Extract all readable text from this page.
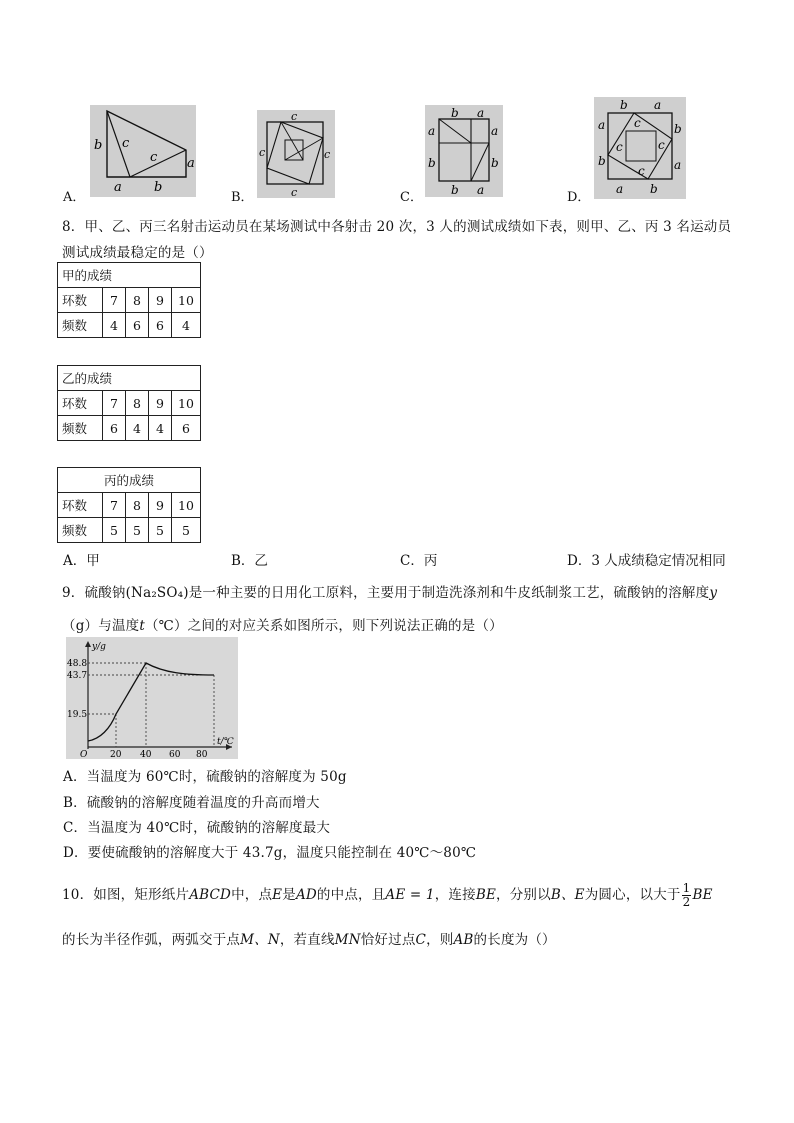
b c
c
a b
a
A．
c
c	c
c
B．
b a
a
b
a
b
b a
C．
b a
a
b
b
a
a b
c
c
c
c
D．
8．甲、乙、丙三名射击运动员在某场测试中各射击 20 次，3 人的测试成绩如下表，则甲、乙、丙 3 名运动员
测试成绩最稳定的是（）
甲的成绩				
环数	7	8	9	10
频数	4	6	6	4
乙的成绩				
环数	7	8	9	10
频数	6	4	4	6
丙的成绩				
环数	7	8	9	10
频数	5	5	5	5
A．甲	B．乙	C．丙	D．3 人成绩稳定情况相同
9．硫酸钠(Na₂SO₄)是一种主要的日用化工原料，主要用于制造洗涤剂和牛皮纸制浆工艺，硫酸钠的溶解度y
（g）与温度t（℃）之间的对应关系如图所示，则下列说法正确的是（）
y/g
t/℃
48.8
43.7
19.5
O	20 40 60 80
A．当温度为 60℃时，硫酸钠的溶解度为 50g
B．硫酸钠的溶解度随着温度的升高而增大
C．当温度为 40℃时，硫酸钠的溶解度最大
D．要使硫酸钠的溶解度大于 43.7g，温度只能控制在 40℃～80℃
10．如图，矩形纸片ABCD中，点E是AD的中点，且AE = 1，连接BE，分别以B、E为圆心，以大于 $\frac{1}{2}$ BE
的长为半径作弧，两弧交于点M、N，若直线MN恰好过点C，则AB的长度为（）
